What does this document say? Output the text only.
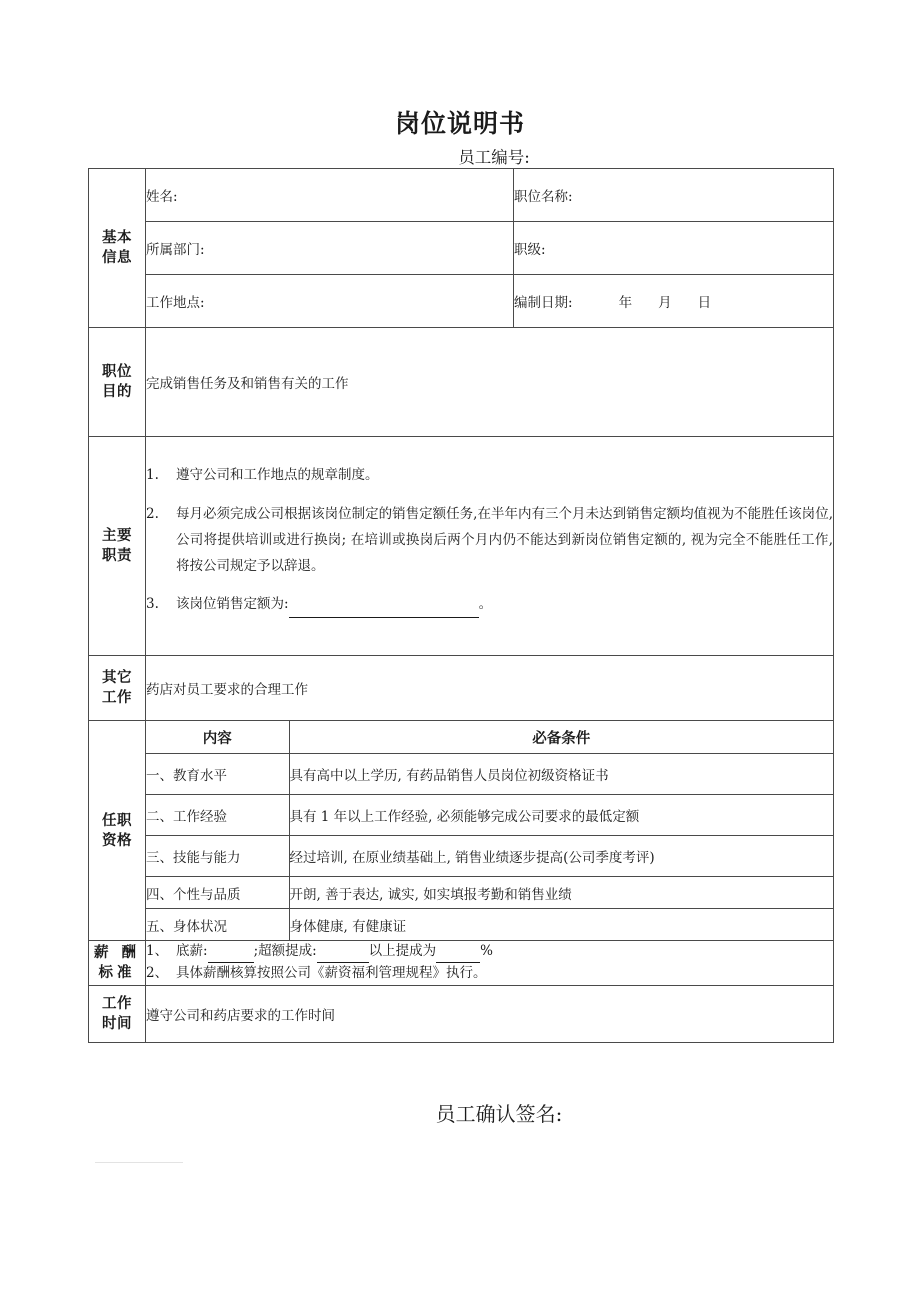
岗位说明书
员工编号:
基本
信息
	姓名:	职位名称:
所属部门:	职级:
工作地点:	编制日期:	年 月 日

职位
目的	完成销售任务及和销售有关的工作

主要
职责

1.	遵守公司和工作地点的规章制度。
2.	每月必须完成公司根据该岗位制定的销售定额任务,在半年内有三个月未达到销售定额均值视为不能胜任该岗位, 公司将提供培训或进行换岗; 在培训或换岗后两个月内仍不能达到新岗位销售定额的, 视为完全不能胜任工作, 将按公司规定予以辞退。
3.	该岗位销售定额为:	。

其它
工作	药店对员工要求的合理工作

任职
资格

内容	必备条件
一、教育水平	具有高中以上学历, 有药品销售人员岗位初级资格证书
二、工作经验	具有 1 年以上工作经验, 必须能够完成公司要求的最低定额
三、技能与能力	经过培训, 在原业绩基础上, 销售业绩逐步提高(公司季度考评)
四、个性与品质	开朗, 善于表达, 诚实, 如实填报考勤和销售业绩
五、身体状况	身体健康, 有健康证

薪 酬
标准

1、 底薪:	;超额提成:	以上提成为	%
2、 具体薪酬核算按照公司《薪资福利管理规程》执行。

工作
时间	遵守公司和药店要求的工作时间
员工确认签名:
